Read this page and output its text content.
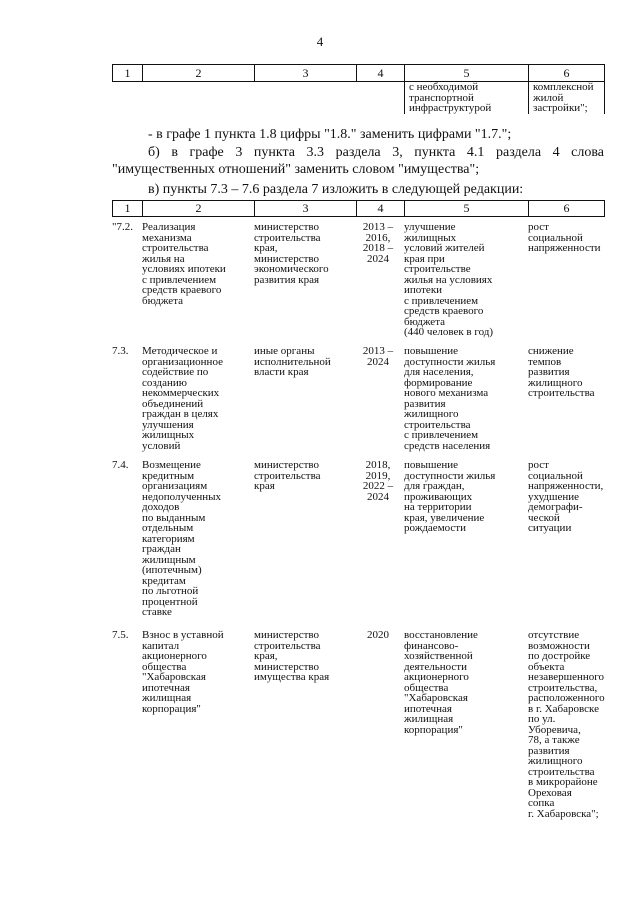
4
1	2	3	4	5	6
				с необходимой
транспортной
инфраструктурой	комплексной
жилой
застройки";
- в графе 1 пункта 1.8 цифры "1.8." заменить цифрами "1.7.";
б) в графе 3 пункта 3.3 раздела 3, пункта 4.1 раздела 4 слова
"имущественных отношений" заменить словом "имущества";
в) пункты 7.3 – 7.6 раздела 7 изложить в следующей редакции:
1	2	3	4	5	6
"7.2.	Реализация
механизма
строительства
жилья на
условиях ипотеки
с привлечением
средств краевого
бюджета	министерство
строительства
края,
министерство
экономического
развития края	2013 –
2016,
2018 –
2024	улучшение
жилищных
условий жителей
края при
строительстве
жилья на условиях
ипотеки
с привлечением
средств краевого
бюджета
(440 человек в год)	рост
социальной
напряженности
7.3.	Методическое и
организационное
содействие по
созданию
некоммерческих
объединений
граждан в целях
улучшения
жилищных
условий	иные органы
исполнительной
власти края	2013 –
2024	повышение
доступности жилья
для населения,
формирование
нового механизма
развития
жилищного
строительства
с привлечением
средств населения	снижение
темпов
развития
жилищного
строительства
7.4.	Возмещение
кредитным
организациям
недополученных
доходов
по выданным
отдельным
категориям
граждан
жилищным
(ипотечным)
кредитам
по льготной
процентной
ставке	министерство
строительства
края	2018,
2019,
2022 –
2024	повышение
доступности жилья
для граждан,
проживающих
на территории
края, увеличение
рождаемости	рост
социальной
напряженности,
ухудшение
демографи-
ческой
ситуации
7.5.	Взнос в уставной
капитал
акционерного
общества
"Хабаровская
ипотечная
жилищная
корпорация"	министерство
строительства
края,
министерство
имущества края	2020	восстановление
финансово-
хозяйственной
деятельности
акционерного
общества
"Хабаровская
ипотечная
жилищная
корпорация"	отсутствие
возможности
по достройке
объекта
незавершенного
строительства,
расположенного
в г. Хабаровске
по ул. Уборевича,
78, а также
развития
жилищного
строительства
в микрорайоне
Ореховая
сопка
г. Хабаровска";
